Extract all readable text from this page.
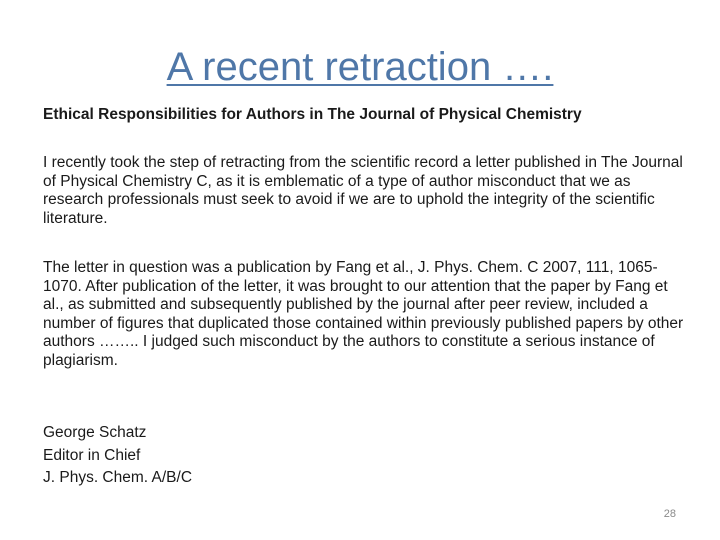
A recent retraction ….

Ethical Responsibilities for Authors in The Journal of Physical Chemistry

I recently took the step of retracting from the scientific record a letter published in The Journal of Physical Chemistry C, as it is emblematic of a type of author misconduct that we as research professionals must seek to avoid if we are to uphold the integrity of the scientific literature.

The letter in question was a publication by Fang et al., J. Phys. Chem. C 2007, 111, 1065-1070. After publication of the letter, it was brought to our attention that the paper by Fang et al., as submitted and subsequently published by the journal after peer review, included a number of figures that duplicated those contained within previously published papers by other authors …….. I judged such misconduct by the authors to constitute a serious instance of plagiarism.

George Schatz
Editor in Chief
J. Phys. Chem. A/B/C
28
